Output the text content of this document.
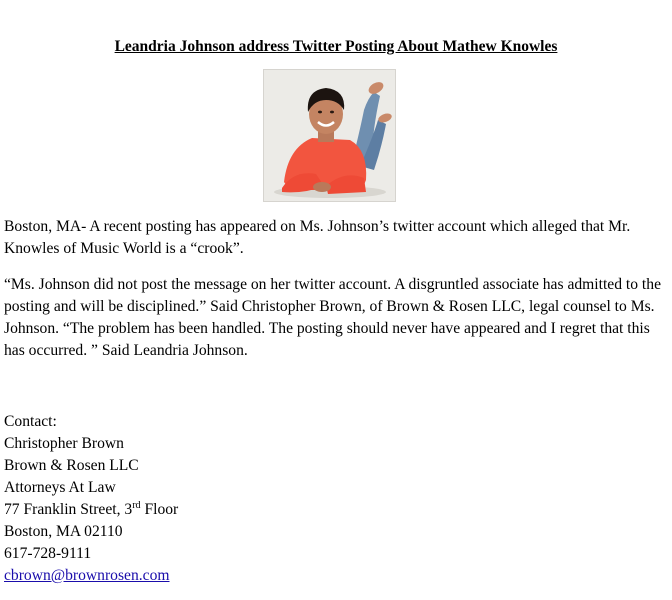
Leandria Johnson address Twitter Posting About Mathew Knowles

Boston, MA- A recent posting has appeared on Ms. Johnson’s twitter account which alleged that Mr. Knowles of Music World is a “crook”.

“Ms. Johnson did not post the message on her twitter account. A disgruntled associate has admitted to the posting and will be disciplined.” Said Christopher Brown, of Brown & Rosen LLC, legal counsel to Ms. Johnson. “The problem has been handled. The posting should never have appeared and I regret that this has occurred. ” Said Leandria Johnson.

Contact:
Christopher Brown
Brown & Rosen LLC
Attorneys At Law
77 Franklin Street, 3rd Floor
Boston, MA 02110
617-728-9111
cbrown@brownrosen.com
